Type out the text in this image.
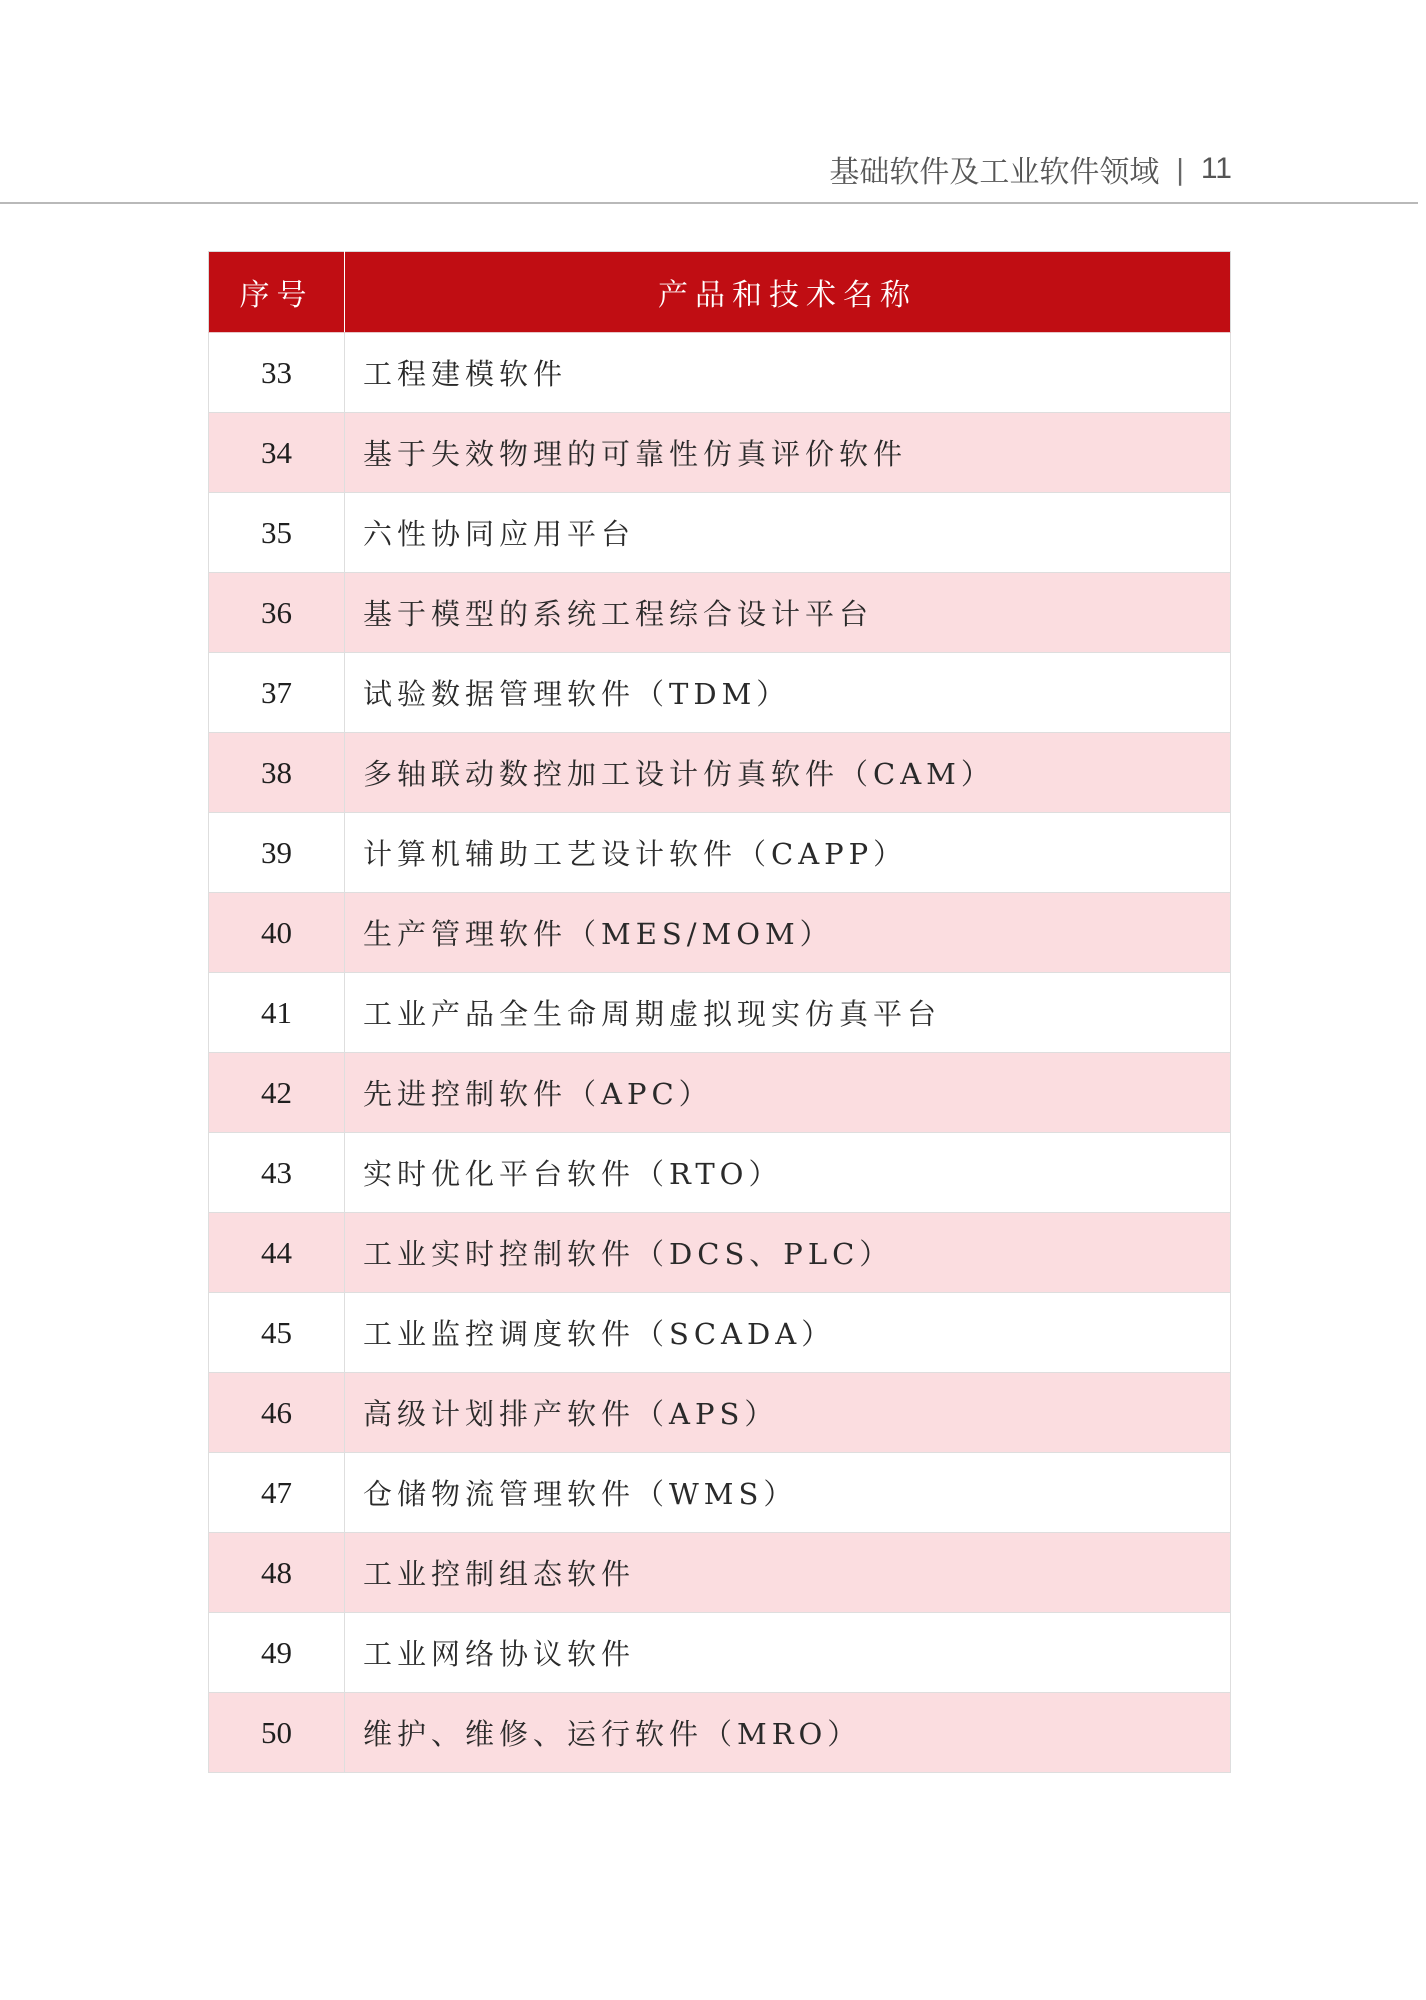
基础软件及工业软件领域 | 11
序号	产品和技术名称
33	工程建模软件
34	基于失效物理的可靠性仿真评价软件
35	六性协同应用平台
36	基于模型的系统工程综合设计平台
37	试验数据管理软件（TDM）
38	多轴联动数控加工设计仿真软件（CAM）
39	计算机辅助工艺设计软件（CAPP）
40	生产管理软件（MES/MOM）
41	工业产品全生命周期虚拟现实仿真平台
42	先进控制软件（APC）
43	实时优化平台软件（RTO）
44	工业实时控制软件（DCS、PLC）
45	工业监控调度软件（SCADA）
46	高级计划排产软件（APS）
47	仓储物流管理软件（WMS）
48	工业控制组态软件
49	工业网络协议软件
50	维护、维修、运行软件（MRO）
